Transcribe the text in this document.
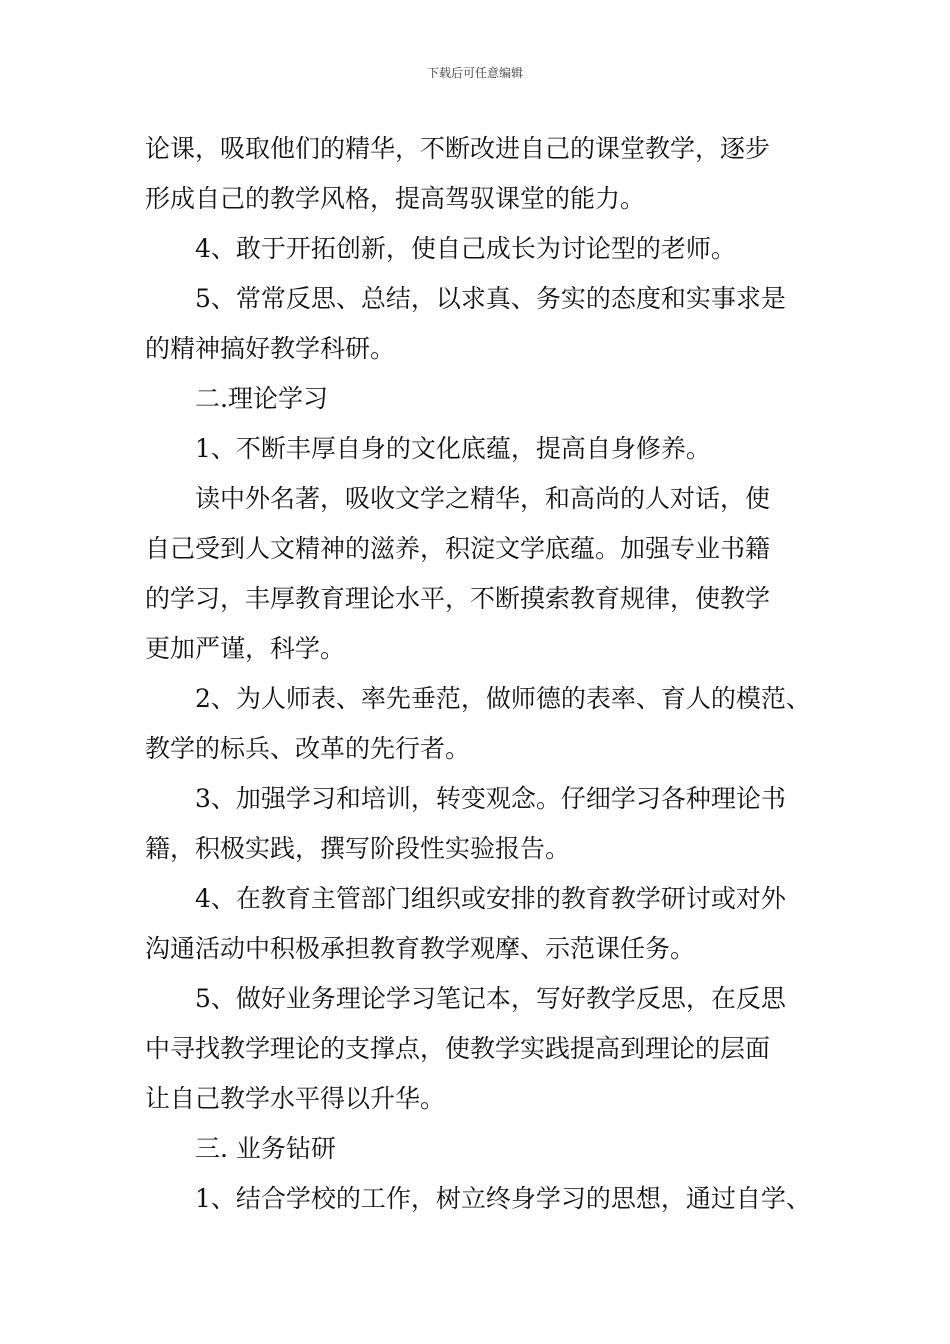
下载后可任意编辑
论课，吸取他们的精华，不断改进自己的课堂教学，逐步
形成自己的教学风格，提高驾驭课堂的能力。
4、敢于开拓创新，使自己成长为讨论型的老师。
5、常常反思、总结，以求真、务实的态度和实事求是
的精神搞好教学科研。
二.理论学习
1、不断丰厚自身的文化底蕴，提高自身修养。
读中外名著，吸收文学之精华，和高尚的人对话，使
自己受到人文精神的滋养，积淀文学底蕴。加强专业书籍
的学习，丰厚教育理论水平，不断摸索教育规律，使教学
更加严谨，科学。
2、为人师表、率先垂范，做师德的表率、育人的模范、
教学的标兵、改革的先行者。
3、加强学习和培训，转变观念。仔细学习各种理论书
籍，积极实践，撰写阶段性实验报告。
4、在教育主管部门组织或安排的教育教学研讨或对外
沟通活动中积极承担教育教学观摩、示范课任务。
5、做好业务理论学习笔记本，写好教学反思，在反思
中寻找教学理论的支撑点，使教学实践提高到理论的层面
让自己教学水平得以升华。
三. 业务钻研
1、结合学校的工作，树立终身学习的思想，通过自学、
